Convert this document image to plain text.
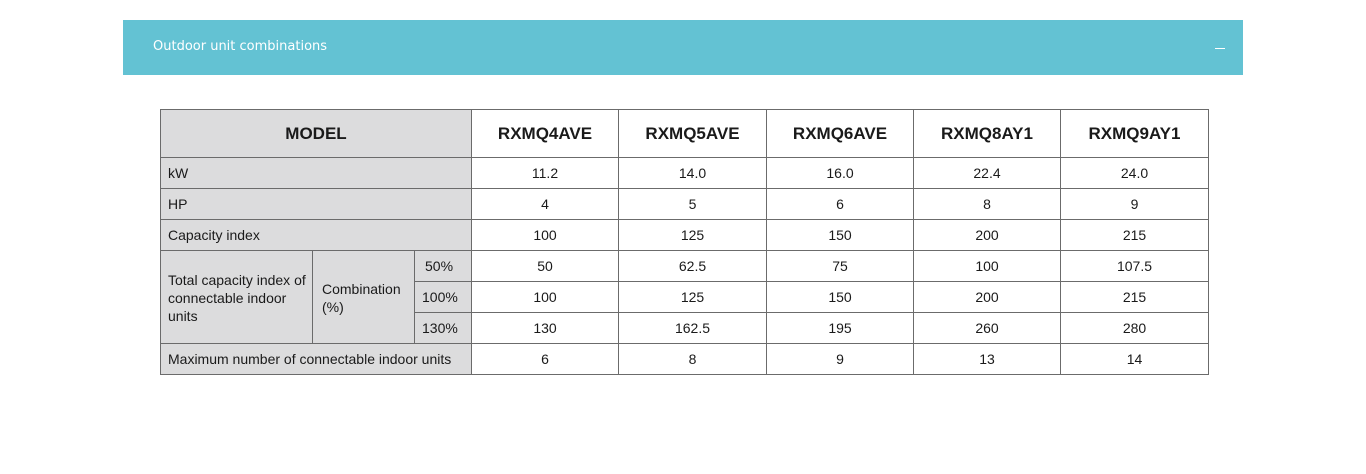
Outdoor unit combinations
MODEL			RXMQ4AVE	RXMQ5AVE	RXMQ6AVE	RXMQ8AY1	RXMQ9AY1
kW			11.2	14.0	16.0	22.4	24.0
HP			4	5	6	8	9
Capacity index			100	125	150	200	215
Total capacity index of connectable indoor units	Combination (%)	50%	50	62.5	75	100	107.5
		100%	100	125	150	200	215
		130%	130	162.5	195	260	280
Maximum number of connectable indoor units			6	8	9	13	14
